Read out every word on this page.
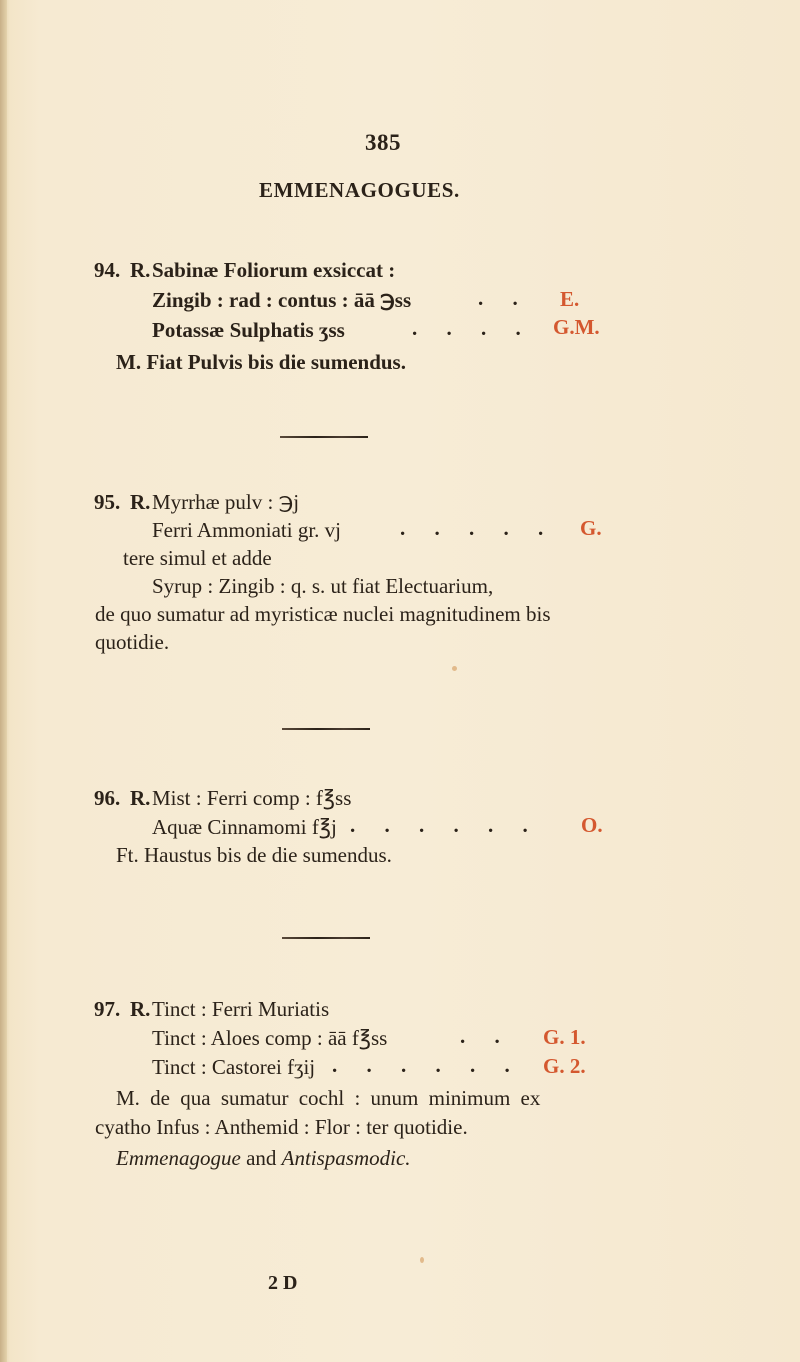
385
EMMENAGOGUES.
94. R. Sabinæ Foliorum exsiccat :
Zingib : rad : contus : āā ℈ss	. . E.
Potassæ Sulphatis ʒss	. . . . G.M.
M. Fiat Pulvis bis die sumendus.
95. R. Myrrhæ pulv : ℈j
Ferri Ammoniati gr. vj	. . . . . G.
tere simul et adde
Syrup : Zingib : q. s. ut fiat Electuarium,
de quo sumatur ad myristicæ nuclei magnitudinem bis
quotidie.
96. R. Mist : Ferri comp : f℥ss
Aquæ Cinnamomi f℥j . . . . . . O.
Ft. Haustus bis de die sumendus.
97. R. Tinct : Ferri Muriatis
Tinct : Aloes comp : āā f℥ss	. . G. 1.
Tinct : Castorei fʒij . . . . . . G. 2.
M. de qua sumatur cochl : unum minimum ex
cyatho Infus : Anthemid : Flor : ter quotidie.
Emmenagogue and Antispasmodic.
2 D
